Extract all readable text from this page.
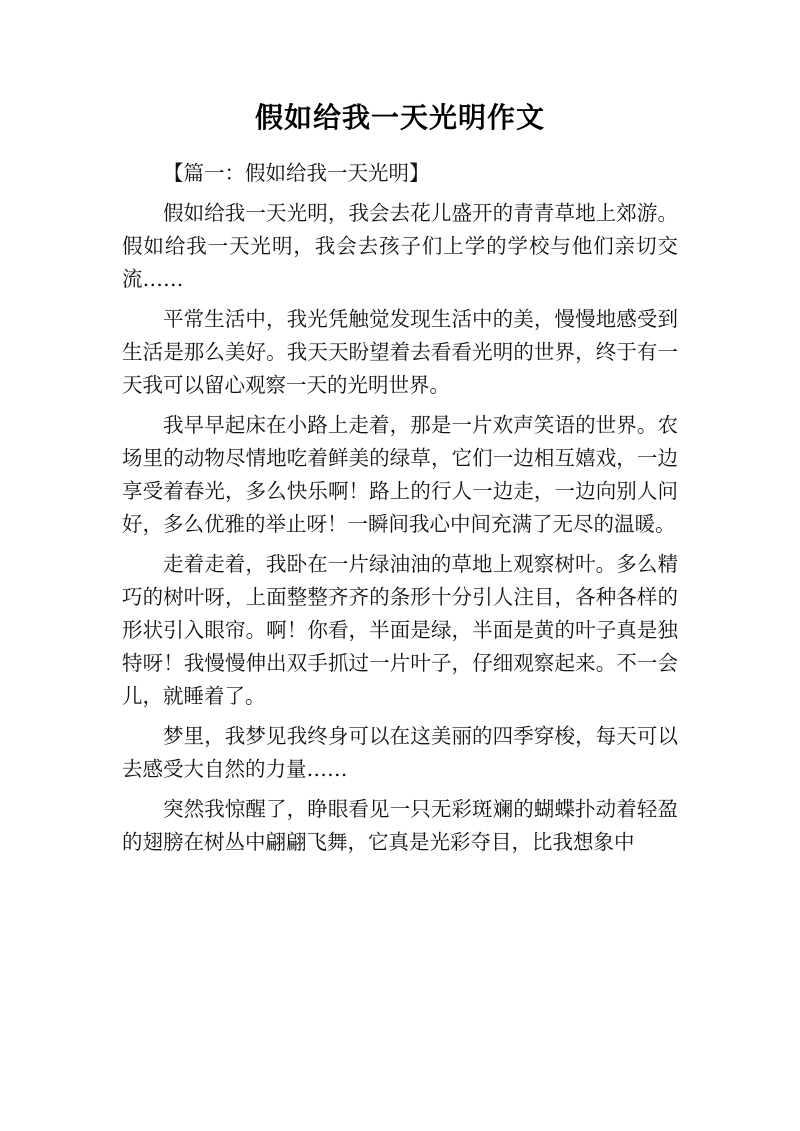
假如给我一天光明作文

【篇一：假如给我一天光明】

假如给我一天光明，我会去花儿盛开的青青草地上郊游。假如给我一天光明，我会去孩子们上学的学校与他们亲切交流……

平常生活中，我光凭触觉发现生活中的美，慢慢地感受到生活是那么美好。我天天盼望着去看看光明的世界，终于有一天我可以留心观察一天的光明世界。

我早早起床在小路上走着，那是一片欢声笑语的世界。农场里的动物尽情地吃着鲜美的绿草，它们一边相互嬉戏，一边享受着春光，多么快乐啊！路上的行人一边走，一边向别人问好，多么优雅的举止呀！一瞬间我心中间充满了无尽的温暖。

走着走着，我卧在一片绿油油的草地上观察树叶。多么精巧的树叶呀，上面整整齐齐的条形十分引人注目，各种各样的形状引入眼帘。啊！你看，半面是绿，半面是黄的叶子真是独特呀！我慢慢伸出双手抓过一片叶子，仔细观察起来。不一会儿，就睡着了。

梦里，我梦见我终身可以在这美丽的四季穿梭，每天可以去感受大自然的力量……

突然我惊醒了，睁眼看见一只无彩斑斓的蝴蝶扑动着轻盈的翅膀在树丛中翩翩飞舞，它真是光彩夺目，比我想象中
